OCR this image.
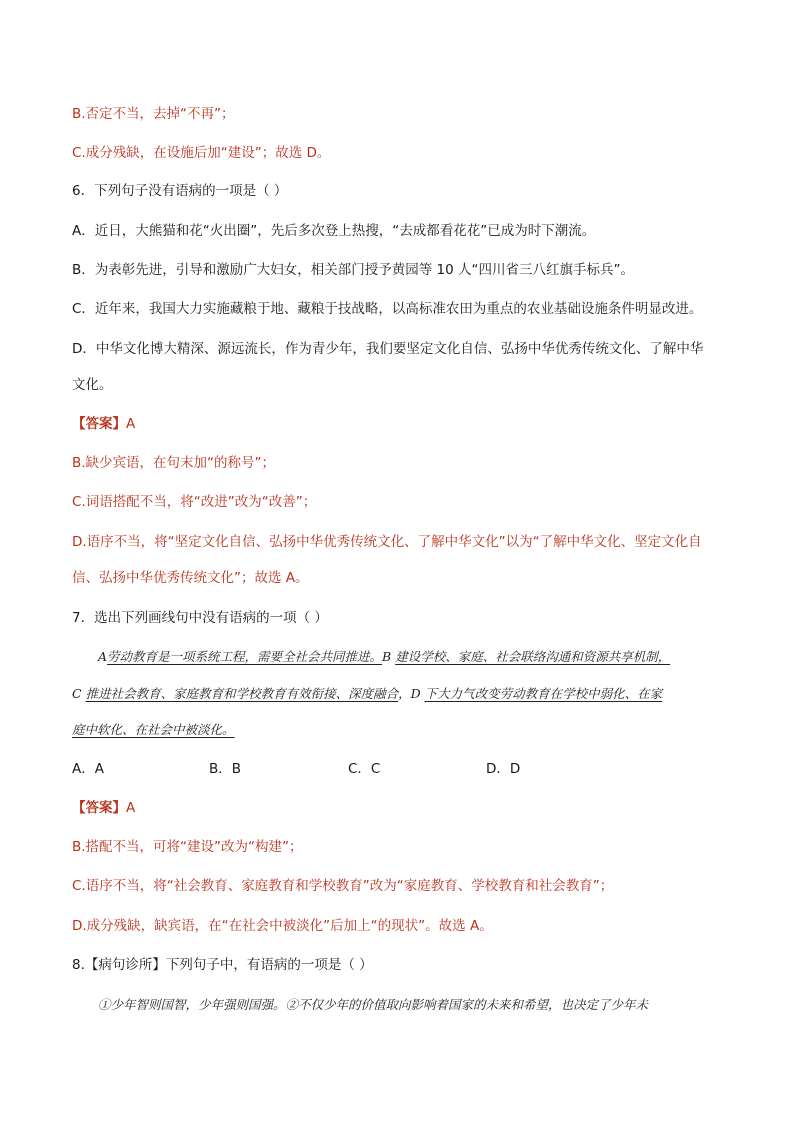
B.否定不当，去掉“不再”；
C.成分残缺，在设施后加“建设”；故选 D。
6．下列句子没有语病的一项是（ ）
A．近日，大熊猫和花“火出圈”，先后多次登上热搜，“去成都看花花”已成为时下潮流。
B．为表彰先进，引导和激励广大妇女，相关部门授予黄园等 10 人“四川省三八红旗手标兵”。
C．近年来，我国大力实施藏粮于地、藏粮于技战略，以高标准农田为重点的农业基础设施条件明显改进。
D．中华文化博大精深、源远流长，作为青少年，我们要坚定文化自信、弘扬中华优秀传统文化、了解中华
文化。
【答案】A
B.缺少宾语，在句末加“的称号”；
C.词语搭配不当，将“改进”改为“改善”；
D.语序不当，将“坚定文化自信、弘扬中华优秀传统文化、了解中华文化”以为“了解中华文化、坚定文化自
信、弘扬中华优秀传统文化”；故选 A。
7．选出下列画线句中没有语病的一项（ ）
A劳动教育是一项系统工程，需要全社会共同推进。B 建设学校、家庭、社会联络沟通和资源共享机制，
C 推进社会教育、家庭教育和学校教育有效衔接、深度融合，D 下大力气改变劳动教育在学校中弱化、在家
庭中软化、在社会中被淡化。
A．A	B．B	C．C	D．D
【答案】A
B.搭配不当，可将“建设”改为“构建”；
C.语序不当，将“社会教育、家庭教育和学校教育”改为“家庭教育、学校教育和社会教育”；
D.成分残缺，缺宾语，在“在社会中被淡化”后加上“的现状”。故选 A。
8.【病句诊所】下列句子中，有语病的一项是（ ）
①少年智则国智，少年强则国强。②不仅少年的价值取向影响着国家的未来和希望，也决定了少年未
